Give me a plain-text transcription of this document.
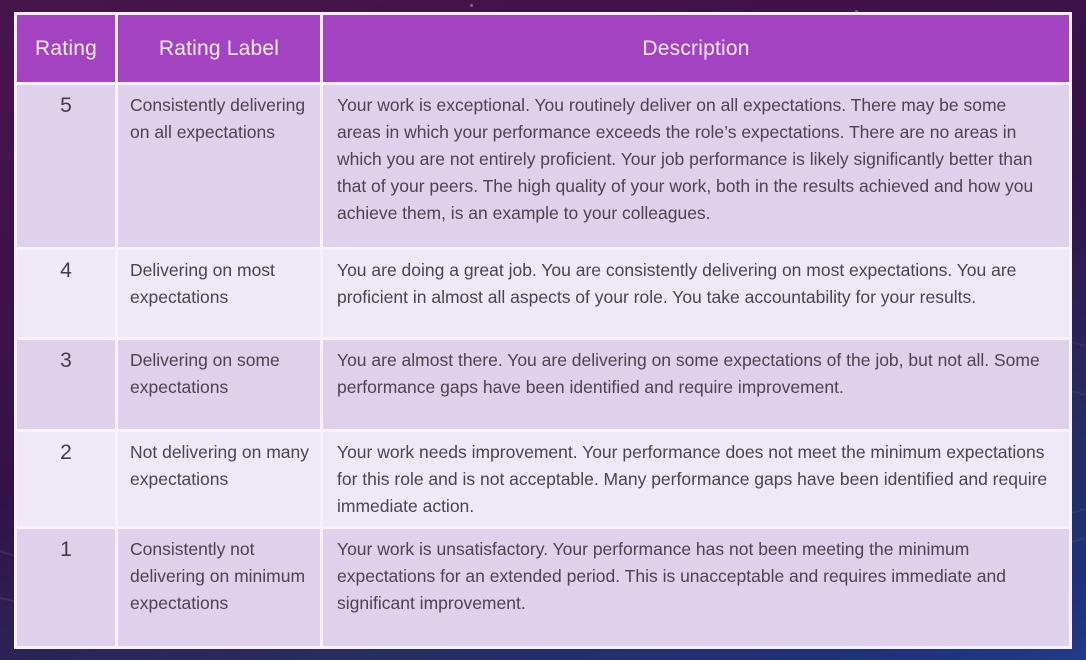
Rating	Rating Label	Description
5	Consistently delivering on all expectations	Your work is exceptional. You routinely deliver on all expectations. There may be some areas in which your performance exceeds the role’s expectations. There are no areas in which you are not entirely proficient. Your job performance is likely significantly better than that of your peers. The high quality of your work, both in the results achieved and how you achieve them, is an example to your colleagues.
4	Delivering on most expectations	You are doing a great job. You are consistently delivering on most expectations. You are proficient in almost all aspects of your role. You take accountability for your results.
3	Delivering on some expectations	You are almost there. You are delivering on some expectations of the job, but not all. Some performance gaps have been identified and require improvement.
2	Not delivering on many expectations	Your work needs improvement. Your performance does not meet the minimum expectations for this role and is not acceptable. Many performance gaps have been identified and require immediate action.
1	Consistently not delivering on minimum expectations	Your work is unsatisfactory. Your performance has not been meeting the minimum expectations for an extended period. This is unacceptable and requires immediate and significant improvement.
